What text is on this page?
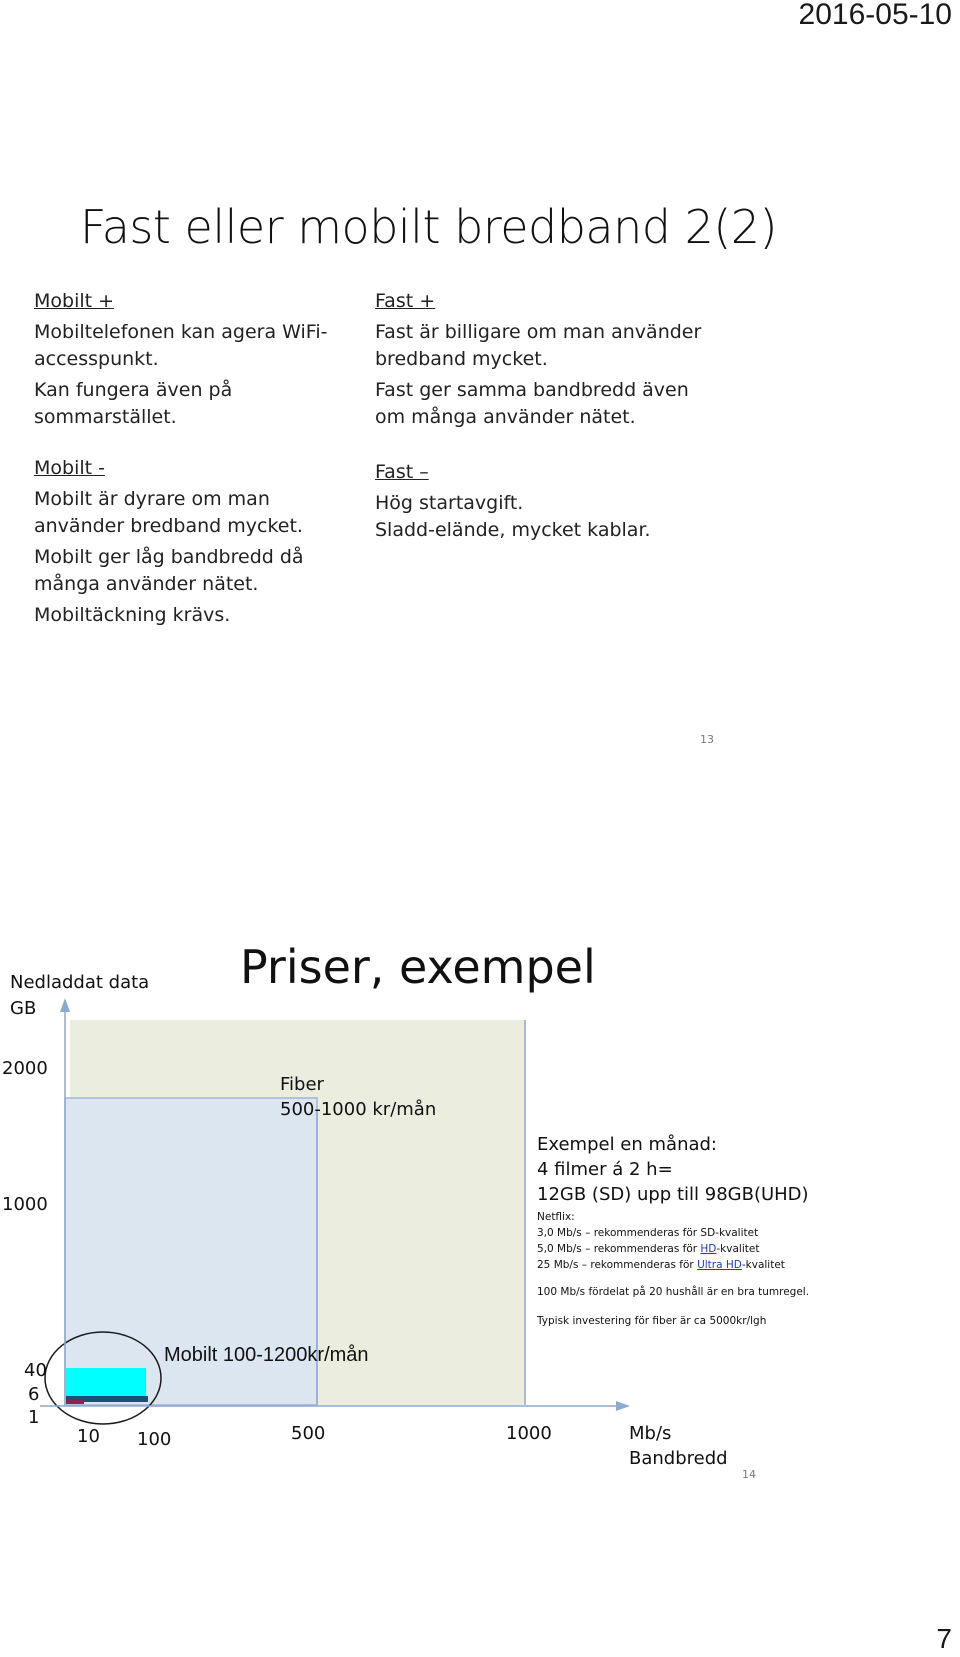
2016-05-10
Fast eller mobilt bredband 2(2)

Mobilt +

Mobiltelefonen kan agera WiFi-accesspunkt.

Kan fungera även på sommarstället.

Mobilt -

Mobilt är dyrare om man använder bredband mycket.

Mobilt ger låg bandbredd då många använder nätet.

Mobiltäckning krävs.

Fast +

Fast är billigare om man använder bredband mycket.

Fast ger samma bandbredd även om många använder nätet.

Fast –

Hög startavgift.

Sladd-elände, mycket kablar.

13
Priser, exempel
Nedladdat data
GB
2000
1000
40
6
1
10 100	500	1000	Mb/s
Bandbredd
Fiber
500-1000 kr/mån
Mobilt 100-1200kr/mån
Exempel en månad:
4 filmer á 2 h=
12GB (SD) upp till 98GB(UHD)
Netflix:
3,0 Mb/s – rekommenderas för SD-kvalitet
5,0 Mb/s – rekommenderas för HD-kvalitet
25 Mb/s – rekommenderas för Ultra HD-kvalitet
100 Mb/s fördelat på 20 hushåll är en bra tumregel.
Typisk investering för fiber är ca 5000kr/lgh
14
7
